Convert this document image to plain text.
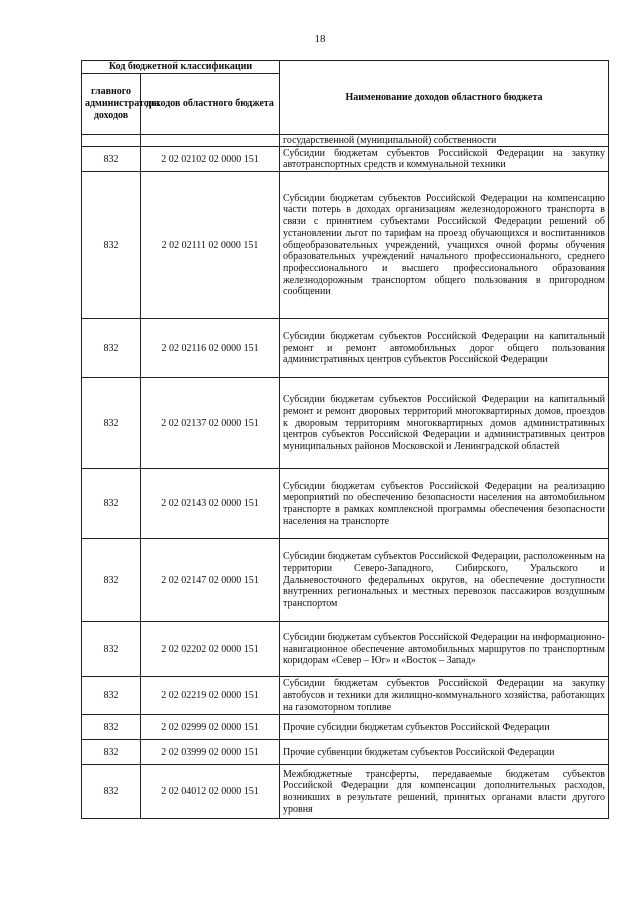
18
Код бюджетной классификации		Наименование доходов областного бюджета
главного администратора доходов	доходов областного бюджета	
		государственной (муниципальной) собственности
832	2 02 02102 02 0000 151	Субсидии бюджетам субъектов Российской Федерации на закупку автотранспортных средств и коммунальной техники
832	2 02 02111 02 0000 151	Субсидии бюджетам субъектов Российской Федерации на компенсацию части потерь в доходах организациям железнодорожного транспорта в связи с принятием субъектами Российской Федерации решений об установлении льгот по тарифам на проезд обучающихся и воспитанников общеобразовательных учреждений, учащихся очной формы обучения образовательных учреждений начального профессионального, среднего профессионального и высшего профессионального образования железнодорожным транспортом общего пользования в пригородном сообщении
832	2 02 02116 02 0000 151	Субсидии бюджетам субъектов Российской Федерации на капитальный ремонт и ремонт автомобильных дорог общего пользования административных центров субъектов Российской Федерации
832	2 02 02137 02 0000 151	Субсидии бюджетам субъектов Российской Федерации на капитальный ремонт и ремонт дворовых территорий многоквартирных домов, проездов к дворовым территориям многоквартирных домов административных центров субъектов Российской Федерации и административных центров муниципальных районов Московской и Ленинградской областей
832	2 02 02143 02 0000 151	Субсидии бюджетам субъектов Российской Федерации на реализацию мероприятий по обеспечению безопасности населения на автомобильном транспорте в рамках комплексной программы обеспечения безопасности населения на транспорте
832	2 02 02147 02 0000 151	Субсидии бюджетам субъектов Российской Федерации, расположенным на территории Северо-Западного, Сибирского, Уральского и Дальневосточного федеральных округов, на обеспечение доступности внутренних региональных и местных перевозок пассажиров воздушным транспортом
832	2 02 02202 02 0000 151	Субсидии бюджетам субъектов Российской Федерации на информационно-навигационное обеспечение автомобильных маршрутов по транспортным коридорам «Север – Юг» и «Восток – Запад»
832	2 02 02219 02 0000 151	Субсидии бюджетам субъектов Российской Федерации на закупку автобусов и техники для жилищно-коммунального хозяйства, работающих на газомоторном топливе
832	2 02 02999 02 0000 151	Прочие субсидии бюджетам субъектов Российской Федерации
832	2 02 03999 02 0000 151	Прочие субвенции бюджетам субъектов Российской Федерации
832	2 02 04012 02 0000 151	Межбюджетные трансферты, передаваемые бюджетам субъектов Российской Федерации для компенсации дополнительных расходов, возникших в результате решений, принятых органами власти другого уровня
